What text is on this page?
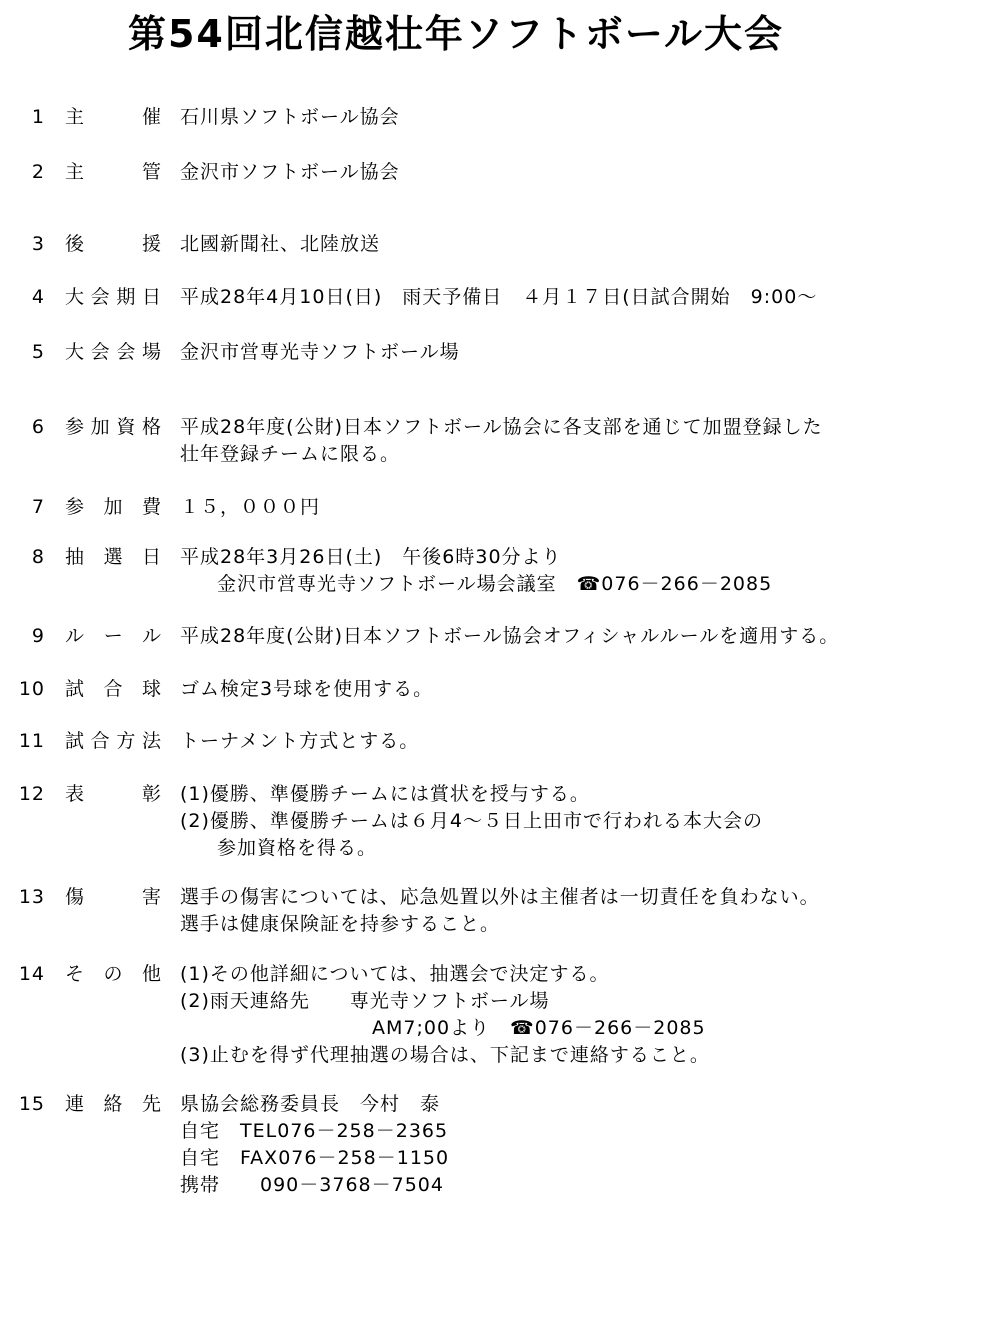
第54回北信越壮年ソフトボール大会
1 主催 石川県ソフトボール協会
2 主管 金沢市ソフトボール協会
3 後援 北國新聞社、北陸放送
4 大会期日 平成28年4月10日(日)　雨天予備日　４月１７日(日試合開始　9:00～
5 大会会場 金沢市営専光寺ソフトボール場
6 参加資格 平成28年度(公財)日本ソフトボール協会に各支部を通じて加盟登録した
壮年登録チームに限る。
7 参加費 １５，０００円
8 抽選日 平成28年3月26日(土)　午後6時30分より
金沢市営専光寺ソフトボール場会議室　☎076－266－2085
9 ルール 平成28年度(公財)日本ソフトボール協会オフィシャルルールを適用する。
10 試合球 ゴム検定3号球を使用する。
11 試合方法 トーナメント方式とする。
12 表彰 (1)優勝、準優勝チームには賞状を授与する。
(2)優勝、準優勝チームは６月4～５日上田市で行われる本大会の
参加資格を得る。
13 傷害 選手の傷害については、応急処置以外は主催者は一切責任を負わない。
選手は健康保険証を持参すること。
14 その他 (1)その他詳細については、抽選会で決定する。
(2)雨天連絡先　　専光寺ソフトボール場
AM7;00より　☎076－266－2085
(3)止むを得ず代理抽選の場合は、下記まで連絡すること。
15 連絡先 県協会総務委員長　今村　泰
自宅　TEL076－258－2365
自宅　FAX076－258－1150
携帯　　090－3768－7504
